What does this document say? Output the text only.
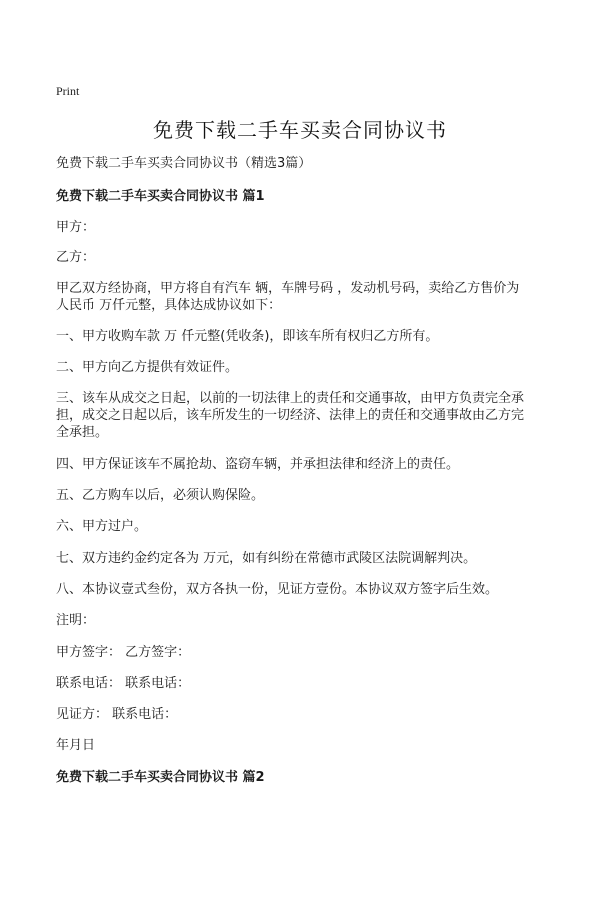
Print
免费下载二手车买卖合同协议书
免费下载二手车买卖合同协议书（精选3篇）
免费下载二手车买卖合同协议书 篇1
甲方：
乙方：
甲乙双方经协商，甲方将自有汽车 辆，车牌号码 ，发动机号码，卖给乙方售价为
人民币 万仟元整，具体达成协议如下：
一、甲方收购车款 万 仟元整(凭收条)，即该车所有权归乙方所有。
二、甲方向乙方提供有效证件。
三、该车从成交之日起，以前的一切法律上的责任和交通事故，由甲方负责完全承
担，成交之日起以后，该车所发生的一切经济、法律上的责任和交通事故由乙方完
全承担。
四、甲方保证该车不属抢劫、盗窃车辆，并承担法律和经济上的责任。
五、乙方购车以后，必须认购保险。
六、甲方过户。
七、双方违约金约定各为 万元，如有纠纷在常德市武陵区法院调解判决。
八、本协议壹式叁份，双方各执一份，见证方壹份。本协议双方签字后生效。
注明：
甲方签字： 乙方签字：
联系电话： 联系电话：
见证方： 联系电话：
年月日
免费下载二手车买卖合同协议书 篇2
